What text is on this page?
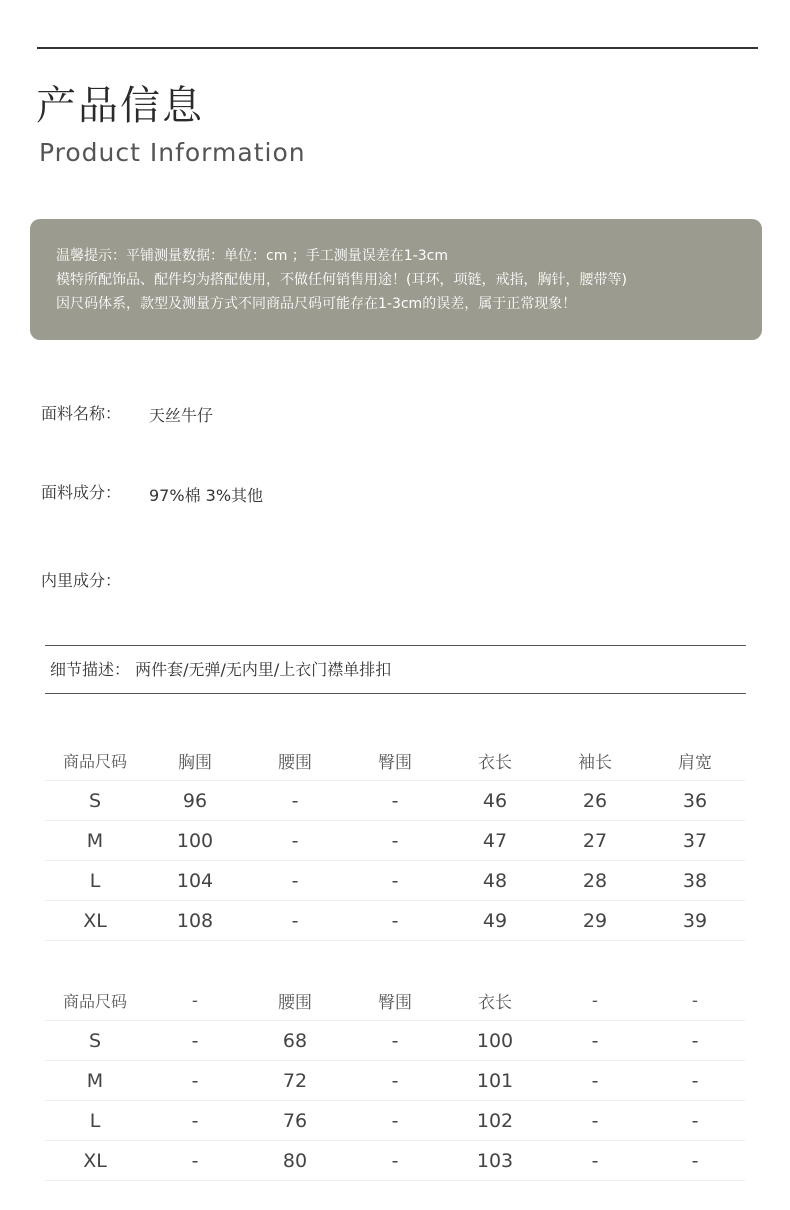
产品信息
Product Information
温馨提示：平铺测量数据：单位：cm ；手工测量误差在1-3cm
模特所配饰品、配件均为搭配使用，不做任何销售用途！(耳环，项链，戒指，胸针，腰带等)
因尺码体系，款型及测量方式不同商品尺码可能存在1-3cm的误差，属于正常现象！
面料名称： 天丝牛仔
面料成分： 97%棉 3%其他
内里成分：
细节描述： 两件套/无弹/无内里/上衣门襟单排扣
商品尺码	胸围	腰围	臀围	衣长	袖长	肩宽
S	96	-	-	46	26	36
M	100	-	-	47	27	37
L	104	-	-	48	28	38
XL	108	-	-	49	29	39
商品尺码	-	腰围	臀围	衣长	-	-
S	-	68	-	100	-	-
M	-	72	-	101	-	-
L	-	76	-	102	-	-
XL	-	80	-	103	-	-
